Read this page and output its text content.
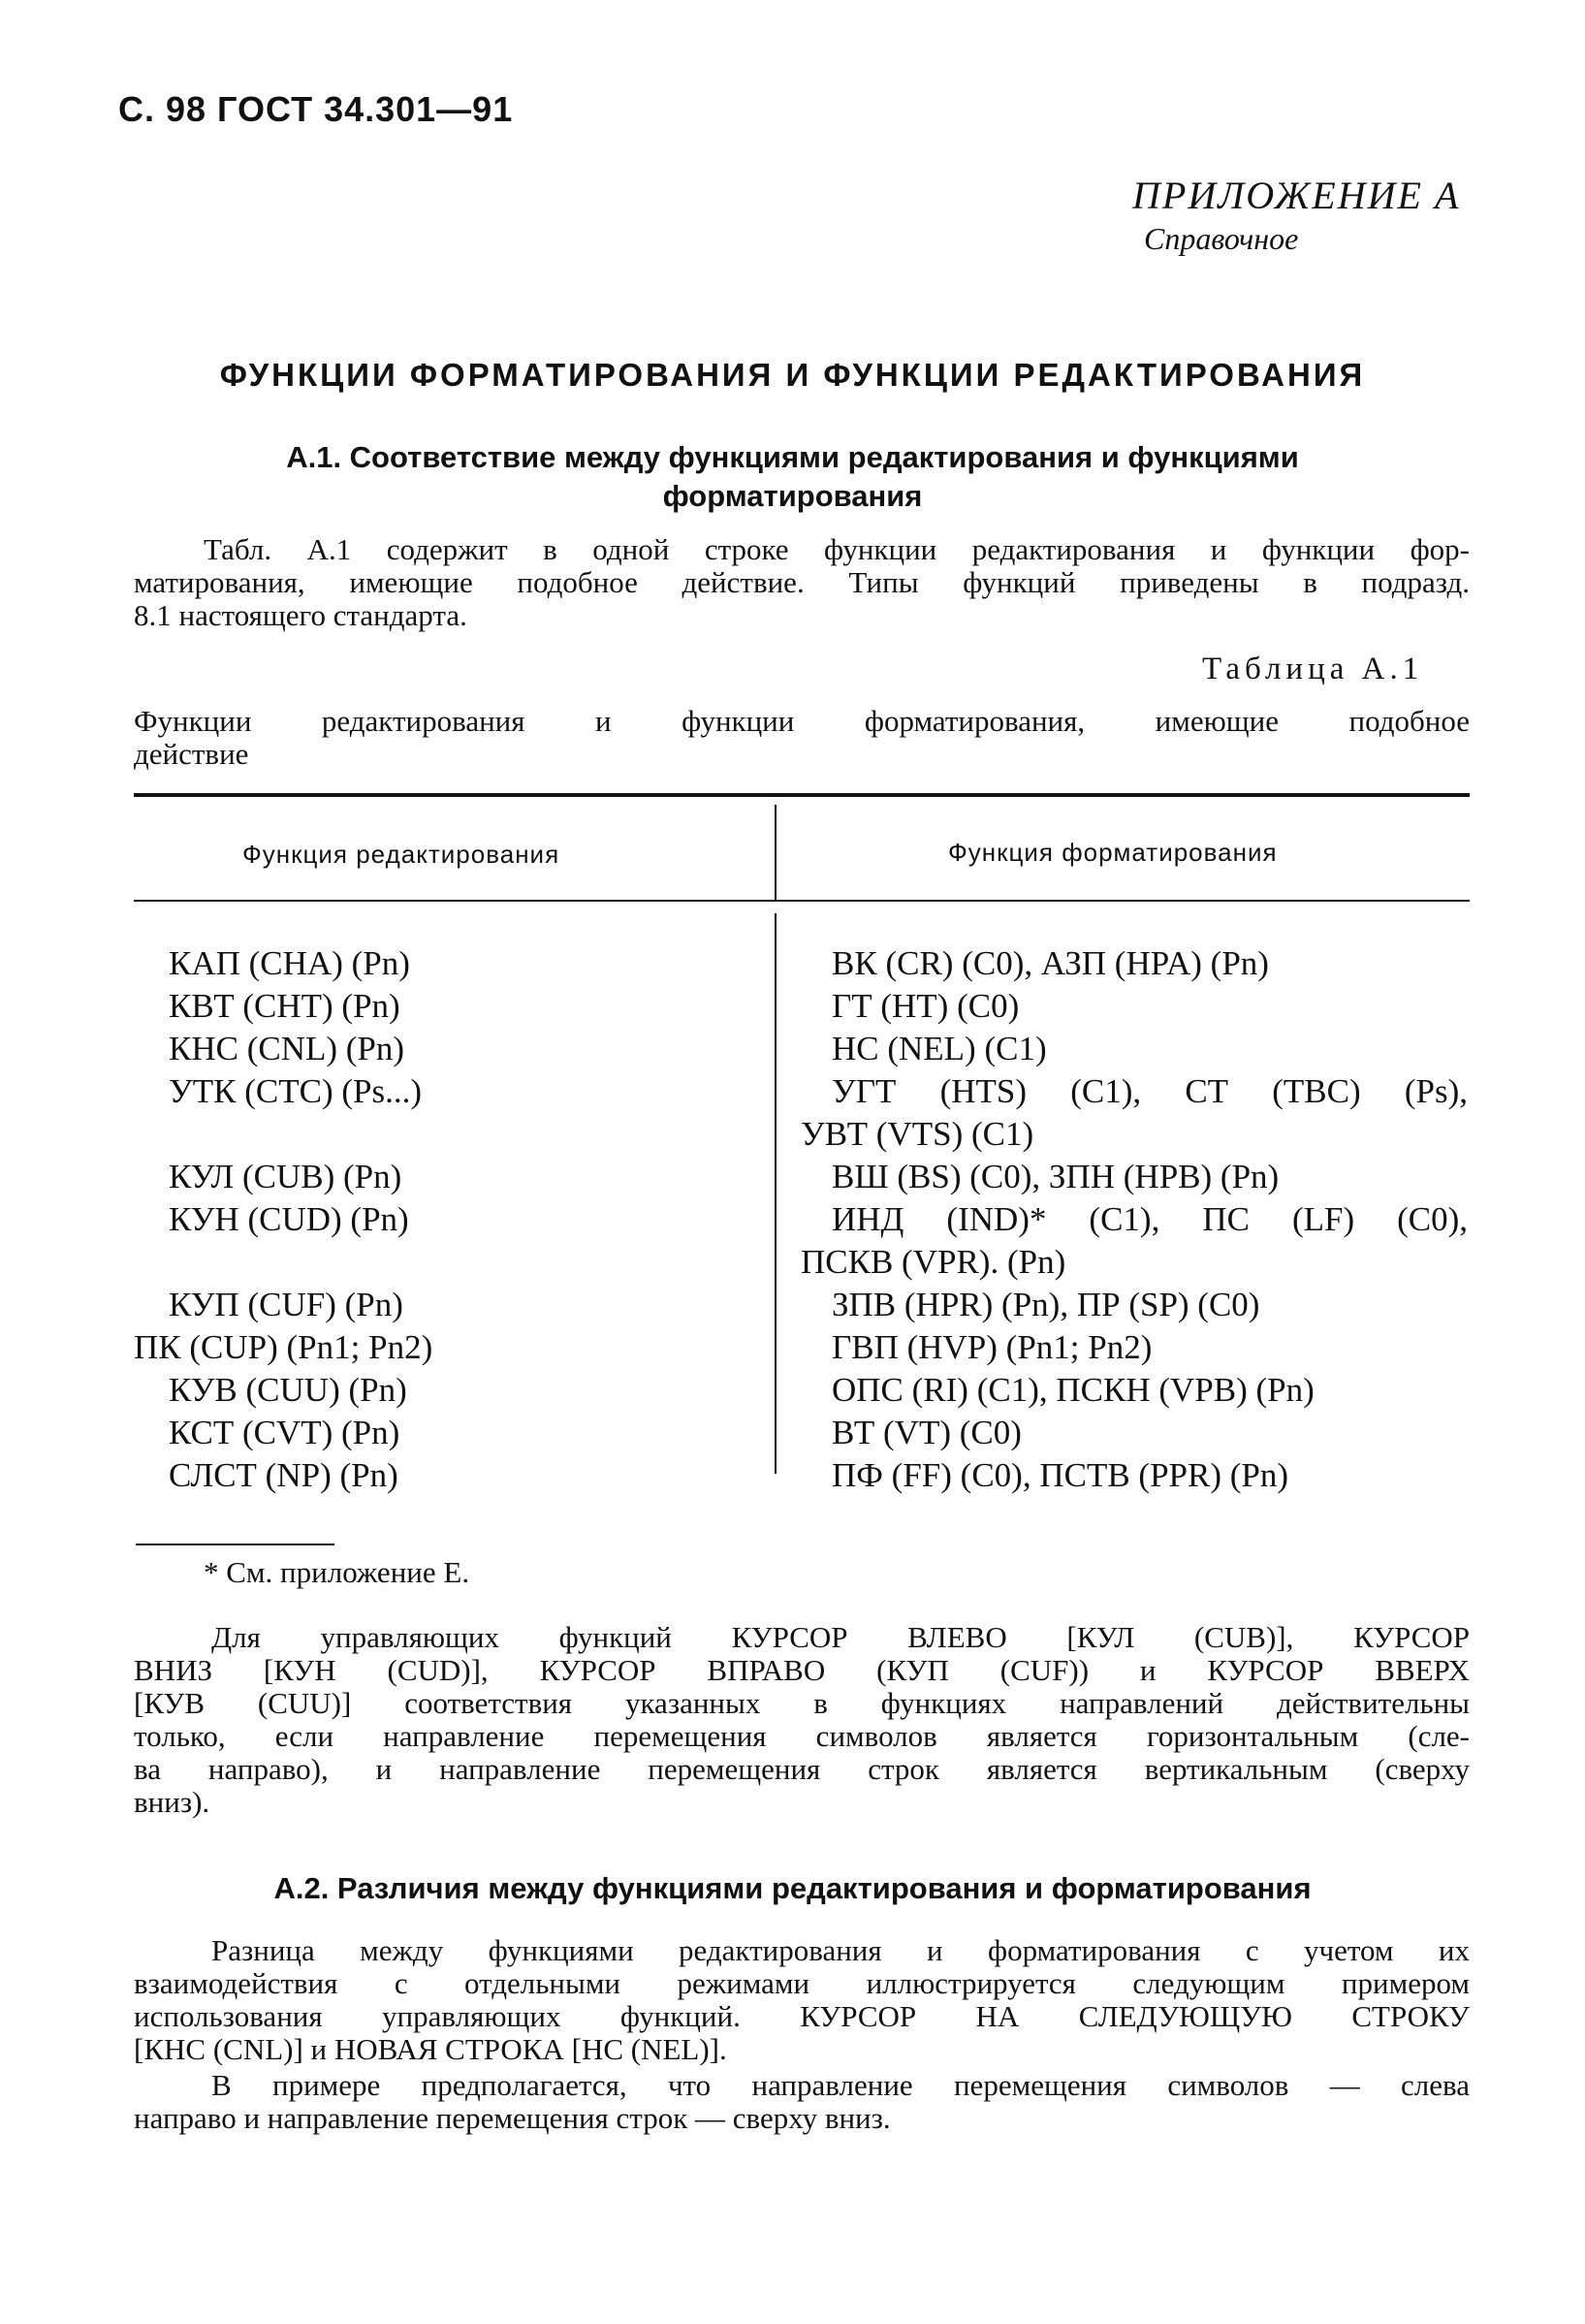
С. 98 ГОСТ 34.301—91
ПРИЛОЖЕНИЕ А
Справочное
ФУНКЦИИ ФОРМАТИРОВАНИЯ И ФУНКЦИИ РЕДАКТИРОВАНИЯ
А.1. Соответствие между функциями редактирования и функциями
форматирования
Табл. А.1 содержит в одной строке функции редактирования и функции фор-
матирования, имеющие подобное действие. Типы функций приведены в подразд.
8.1 настоящего стандарта.
Таблица А.1
Функции редактирования и функции форматирования, имеющие подобное
действие
Функция редактирования	Функция форматирования
КАП (CHA) (Pn)
КВТ (CHT) (Pn)
КНС (CNL) (Pn)
УТК (CTC) (Ps...)
КУЛ (CUB) (Pn)
КУН (CUD) (Pn)
КУП (CUF) (Pn)
ПК (CUP) (Pn1; Pn2)
КУВ (CUU) (Pn)
КСТ (CVT) (Pn)
СЛСТ (NP) (Pn)
ВК (CR) (C0), АЗП (HPA) (Pn)
ГТ (HT) (C0)
НС (NEL) (C1)
УГТ (HTS) (C1), СТ (TBC) (Ps),
УВТ (VTS) (C1)
ВШ (BS) (C0), ЗПН (HPB) (Pn)
ИНД (IND)* (C1), ПС (LF) (C0),
ПСКВ (VPR). (Pn)
ЗПВ (HPR) (Pn), ПР (SP) (C0)
ГВП (HVP) (Pn1; Pn2)
ОПС (RI) (C1), ПСКН (VPB) (Pn)
ВТ (VT) (C0)
ПФ (FF) (C0), ПСТВ (PPR) (Pn)
* См. приложение Е.
Для управляющих функций КУРСОР ВЛЕВО [КУЛ (CUB)], КУРСОР
ВНИЗ [КУН (CUD)], КУРСОР ВПРАВО (КУП (CUF)) и КУРСОР ВВЕРХ
[КУВ (CUU)] соответствия указанных в функциях направлений действительны
только, если направление перемещения символов является горизонтальным (сле-
ва направо), и направление перемещения строк является вертикальным (сверху
вниз).
А.2. Различия между функциями редактирования и форматирования
Разница между функциями редактирования и форматирования с учетом их
взаимодействия с отдельными режимами иллюстрируется следующим примером
использования управляющих функций. КУРСОР НА СЛЕДУЮЩУЮ СТРОКУ
[КНС (CNL)] и НОВАЯ СТРОКА [НС (NEL)].
В примере предполагается, что направление перемещения символов — слева
направо и направление перемещения строк — сверху вниз.
